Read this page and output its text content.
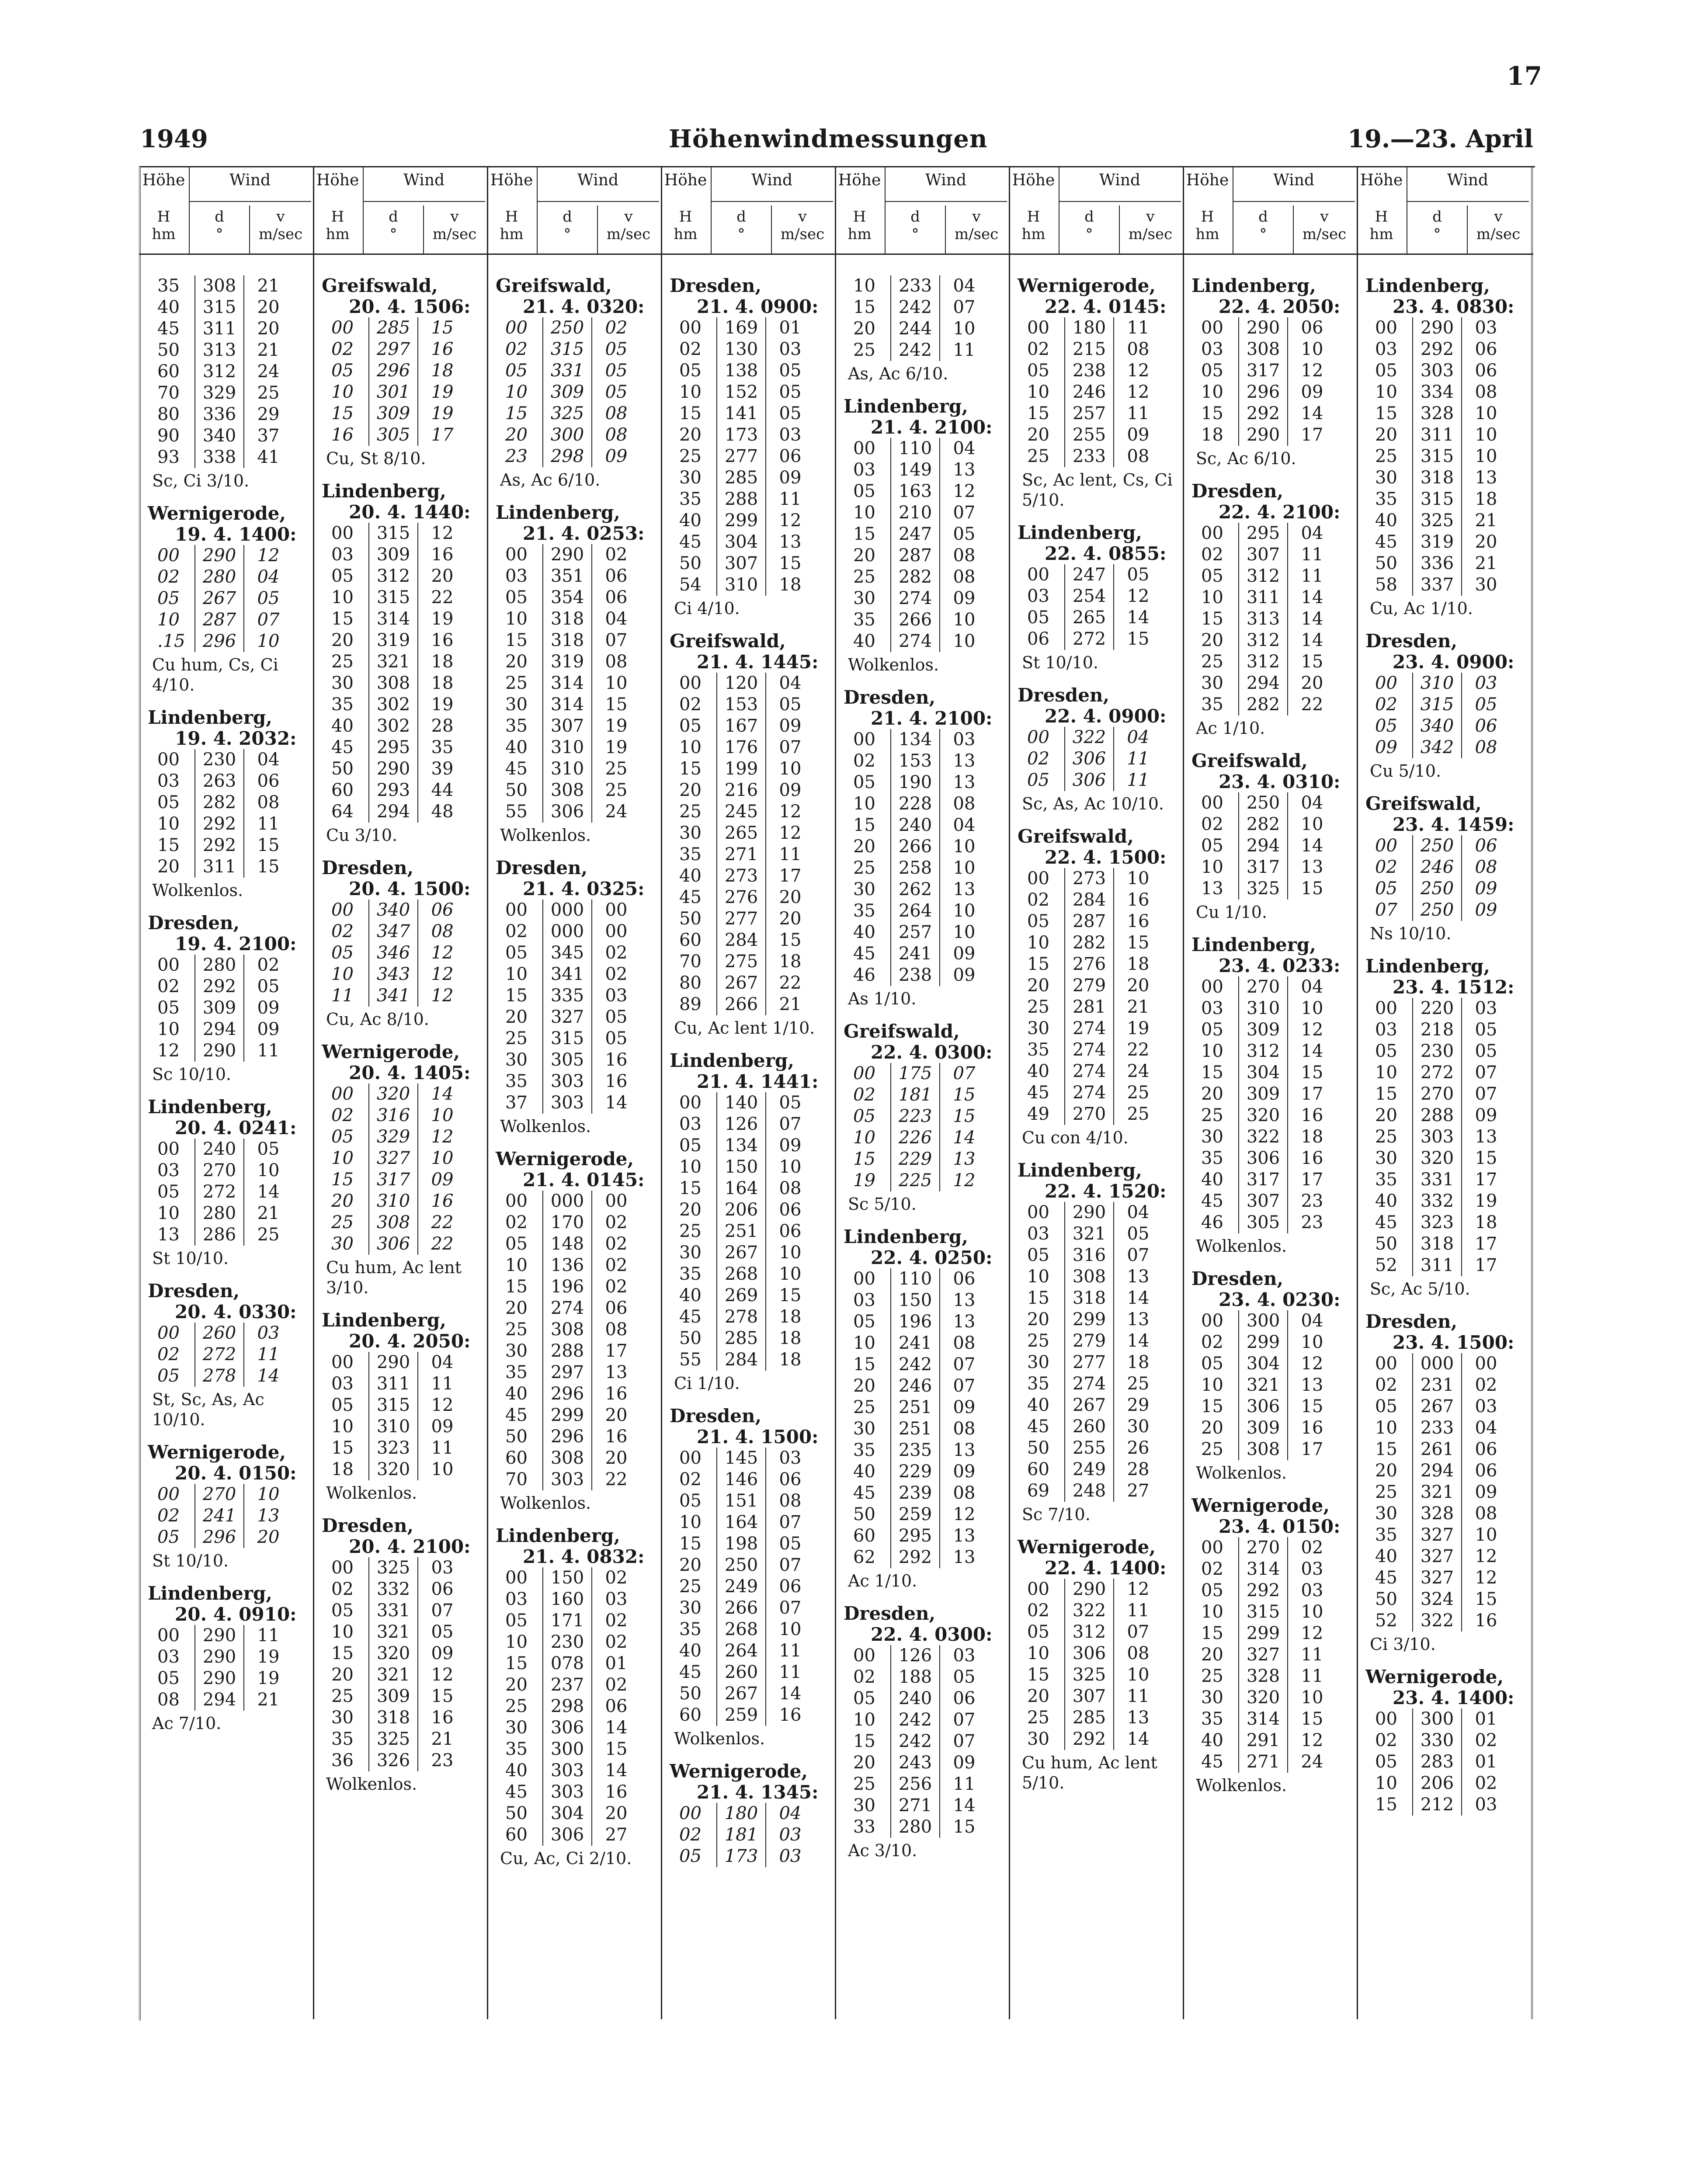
17
1949	Höhenwindmessungen	19.—23. April
Höhe	Wind
H
hm
d
°
v
m/sec
35	308	21
40	315	20
45	311	20
50	313	21
60	312	24
70	329	25
80	336	29
90	340	37
93	338	41
Sc, Ci 3/10.
Wernigerode,
19. 4. 1400:
00	290	12
02	280	04
05	267	05
10	287	07
.15	296	10
Cu hum, Cs, Ci 4/10.
Lindenberg,
19. 4. 2032:
00	230	04
03	263	06
05	282	08
10	292	11
15	292	15
20	311	15
Wolkenlos.
Dresden,
19. 4. 2100:
00	280	02
02	292	05
05	309	09
10	294	09
12	290	11
Sc 10/10.
Lindenberg,
20. 4. 0241:
00	240	05
03	270	10
05	272	14
10	280	21
13	286	25
St 10/10.
Dresden,
20. 4. 0330:
00	260	03
02	272	11
05	278	14
St, Sc, As, Ac 10/10.
Wernigerode,
20. 4. 0150:
00	270	10
02	241	13
05	296	20
St 10/10.
Lindenberg,
20. 4. 0910:
00	290	11
03	290	19
05	290	19
08	294	21
Ac 7/10.
Höhe	Wind
H
hm
d
°
v
m/sec
Greifswald,
20. 4. 1506:
00	285	15
02	297	16
05	296	18
10	301	19
15	309	19
16	305	17
Cu, St 8/10.
Lindenberg,
20. 4. 1440:
00	315	12
03	309	16
05	312	20
10	315	22
15	314	19
20	319	16
25	321	18
30	308	18
35	302	19
40	302	28
45	295	35
50	290	39
60	293	44
64	294	48
Cu 3/10.
Dresden,
20. 4. 1500:
00	340	06
02	347	08
05	346	12
10	343	12
11	341	12
Cu, Ac 8/10.
Wernigerode,
20. 4. 1405:
00	320	14
02	316	10
05	329	12
10	327	10
15	317	09
20	310	16
25	308	22
30	306	22
Cu hum, Ac lent 3/10.
Lindenberg,
20. 4. 2050:
00	290	04
03	311	11
05	315	12
10	310	09
15	323	11
18	320	10
Wolkenlos.
Dresden,
20. 4. 2100:
00	325	03
02	332	06
05	331	07
10	321	05
15	320	09
20	321	12
25	309	15
30	318	16
35	325	21
36	326	23
Wolkenlos.
Höhe	Wind
H
hm
d
°
v
m/sec
Greifswald,
21. 4. 0320:
00	250	02
02	315	05
05	331	05
10	309	05
15	325	08
20	300	08
23	298	09
As, Ac 6/10.
Lindenberg,
21. 4. 0253:
00	290	02
03	351	06
05	354	06
10	318	04
15	318	07
20	319	08
25	314	10
30	314	15
35	307	19
40	310	19
45	310	25
50	308	25
55	306	24
Wolkenlos.
Dresden,
21. 4. 0325:
00	000	00
02	000	00
05	345	02
10	341	02
15	335	03
20	327	05
25	315	05
30	305	16
35	303	16
37	303	14
Wolkenlos.
Wernigerode,
21. 4. 0145:
00	000	00
02	170	02
05	148	02
10	136	02
15	196	02
20	274	06
25	308	08
30	288	17
35	297	13
40	296	16
45	299	20
50	296	16
60	308	20
70	303	22
Wolkenlos.
Lindenberg,
21. 4. 0832:
00	150	02
03	160	03
05	171	02
10	230	02
15	078	01
20	237	02
25	298	06
30	306	14
35	300	15
40	303	14
45	303	16
50	304	20
60	306	27
Cu, Ac, Ci 2/10.
Höhe	Wind
H
hm
d
°
v
m/sec
Dresden,
21. 4. 0900:
00	169	01
02	130	03
05	138	05
10	152	05
15	141	05
20	173	03
25	277	06
30	285	09
35	288	11
40	299	12
45	304	13
50	307	15
54	310	18
Ci 4/10.
Greifswald,
21. 4. 1445:
00	120	04
02	153	05
05	167	09
10	176	07
15	199	10
20	216	09
25	245	12
30	265	12
35	271	11
40	273	17
45	276	20
50	277	20
60	284	15
70	275	18
80	267	22
89	266	21
Cu, Ac lent 1/10.
Lindenberg,
21. 4. 1441:
00	140	05
03	126	07
05	134	09
10	150	10
15	164	08
20	206	06
25	251	06
30	267	10
35	268	10
40	269	15
45	278	18
50	285	18
55	284	18
Ci 1/10.
Dresden,
21. 4. 1500:
00	145	03
02	146	06
05	151	08
10	164	07
15	198	05
20	250	07
25	249	06
30	266	07
35	268	10
40	264	11
45	260	11
50	267	14
60	259	16
Wolkenlos.
Wernigerode,
21. 4. 1345:
00	180	04
02	181	03
05	173	03
Höhe	Wind
H
hm
d
°
v
m/sec
10	233	04
15	242	07
20	244	10
25	242	11
As, Ac 6/10.
Lindenberg,
21. 4. 2100:
00	110	04
03	149	13
05	163	12
10	210	07
15	247	05
20	287	08
25	282	08
30	274	09
35	266	10
40	274	10
Wolkenlos.
Dresden,
21. 4. 2100:
00	134	03
02	153	13
05	190	13
10	228	08
15	240	04
20	266	10
25	258	10
30	262	13
35	264	10
40	257	10
45	241	09
46	238	09
As 1/10.
Greifswald,
22. 4. 0300:
00	175	07
02	181	15
05	223	15
10	226	14
15	229	13
19	225	12
Sc 5/10.
Lindenberg,
22. 4. 0250:
00	110	06
03	150	13
05	196	13
10	241	08
15	242	07
20	246	07
25	251	09
30	251	08
35	235	13
40	229	09
45	239	08
50	259	12
60	295	13
62	292	13
Ac 1/10.
Dresden,
22. 4. 0300:
00	126	03
02	188	05
05	240	06
10	242	07
15	242	07
20	243	09
25	256	11
30	271	14
33	280	15
Ac 3/10.
Höhe	Wind
H
hm
d
°
v
m/sec
Wernigerode,
22. 4. 0145:
00	180	11
02	215	08
05	238	12
10	246	12
15	257	11
20	255	09
25	233	08
Sc, Ac lent, Cs, Ci 5/10.
Lindenberg,
22. 4. 0855:
00	247	05
03	254	12
05	265	14
06	272	15
St 10/10.
Dresden,
22. 4. 0900:
00	322	04
02	306	11
05	306	11
Sc, As, Ac 10/10.
Greifswald,
22. 4. 1500:
00	273	10
02	284	16
05	287	16
10	282	15
15	276	18
20	279	20
25	281	21
30	274	19
35	274	22
40	274	24
45	274	25
49	270	25
Cu con 4/10.
Lindenberg,
22. 4. 1520:
00	290	04
03	321	05
05	316	07
10	308	13
15	318	14
20	299	13
25	279	14
30	277	18
35	274	25
40	267	29
45	260	30
50	255	26
60	249	28
69	248	27
Sc 7/10.
Wernigerode,
22. 4. 1400:
00	290	12
02	322	11
05	312	07
10	306	08
15	325	10
20	307	11
25	285	13
30	292	14
Cu hum, Ac lent 5/10.
Höhe	Wind
H
hm
d
°
v
m/sec
Lindenberg,
22. 4. 2050:
00	290	06
03	308	10
05	317	12
10	296	09
15	292	14
18	290	17
Sc, Ac 6/10.
Dresden,
22. 4. 2100:
00	295	04
02	307	11
05	312	11
10	311	14
15	313	14
20	312	14
25	312	15
30	294	20
35	282	22
Ac 1/10.
Greifswald,
23. 4. 0310:
00	250	04
02	282	10
05	294	14
10	317	13
13	325	15
Cu 1/10.
Lindenberg,
23. 4. 0233:
00	270	04
03	310	10
05	309	12
10	312	14
15	304	15
20	309	17
25	320	16
30	322	18
35	306	16
40	317	17
45	307	23
46	305	23
Wolkenlos.
Dresden,
23. 4. 0230:
00	300	04
02	299	10
05	304	12
10	321	13
15	306	15
20	309	16
25	308	17
Wolkenlos.
Wernigerode,
23. 4. 0150:
00	270	02
02	314	03
05	292	03
10	315	10
15	299	12
20	327	11
25	328	11
30	320	10
35	314	15
40	291	12
45	271	24
Wolkenlos.
Höhe	Wind
H
hm
d
°
v
m/sec
Lindenberg,
23. 4. 0830:
00	290	03
03	292	06
05	303	06
10	334	08
15	328	10
20	311	10
25	315	10
30	318	13
35	315	18
40	325	21
45	319	20
50	336	21
58	337	30
Cu, Ac 1/10.
Dresden,
23. 4. 0900:
00	310	03
02	315	05
05	340	06
09	342	08
Cu 5/10.
Greifswald,
23. 4. 1459:
00	250	06
02	246	08
05	250	09
07	250	09
Ns 10/10.
Lindenberg,
23. 4. 1512:
00	220	03
03	218	05
05	230	05
10	272	07
15	270	07
20	288	09
25	303	13
30	320	15
35	331	17
40	332	19
45	323	18
50	318	17
52	311	17
Sc, Ac 5/10.
Dresden,
23. 4. 1500:
00	000	00
02	231	02
05	267	03
10	233	04
15	261	06
20	294	06
25	321	09
30	328	08
35	327	10
40	327	12
45	327	12
50	324	15
52	322	16
Ci 3/10.
Wernigerode,
23. 4. 1400:
00	300	01
02	330	02
05	283	01
10	206	02
15	212	03
